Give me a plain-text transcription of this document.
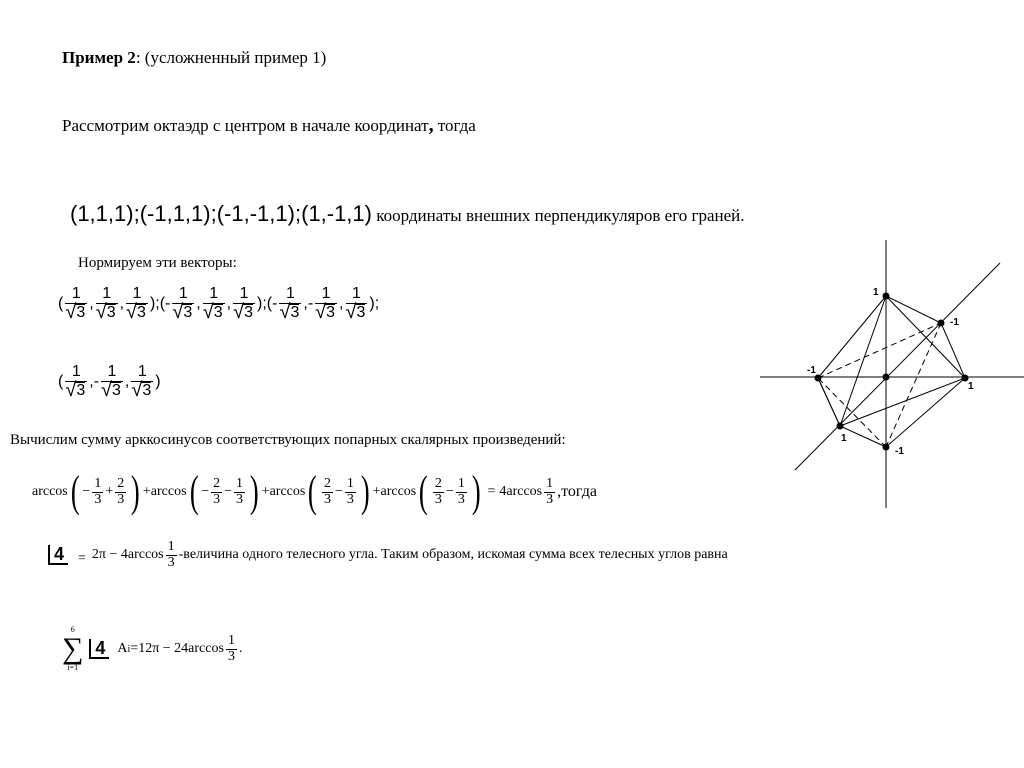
Пример 2: (усложненный пример 1)
Рассмотрим октаэдр с центром в начале координат, тогда
(1,1,1);(-1,1,1);(-1,-1,1);(1,-1,1) координаты внешних перпендикуляров его граней.
Нормируем эти векторы:
( 1
√ 3 , 1
√ 3 , 1
√ 3 ) ; ( - 1
√ 3 , 1
√ 3 , 1
√ 3 ) ; ( - 1
√ 3 , - 1
√ 3 , 1
√ 3 );
( 1
√ 3 , - 1
√ 3 , 1
√ 3 )
Вычислим сумму арккосинусов соответствующих попарных скалярных произведений:
arccos ( − $\frac{1}{3} + \frac{2}{3}$ ) + arccos ( − $\frac{2}{3} - \frac{1}{3}$ ) + arccos ( $\frac{2}{3} - \frac{1}{3}$ ) + arccos ( $\frac{2}{3} - \frac{1}{3}$ ) = 4 $\arccos \frac{1}{3}$ ,тогда
4 = 2π − 4 $\arccos \frac{1}{3}$ -величина одного телесного угла. Таким образом, искомая сумма всех телесных углов равна
6
∑
i=1
4 A i = 12π − 24 $\arccos \frac{1}{3}$ .
1
-1
-1
1
1
-1
